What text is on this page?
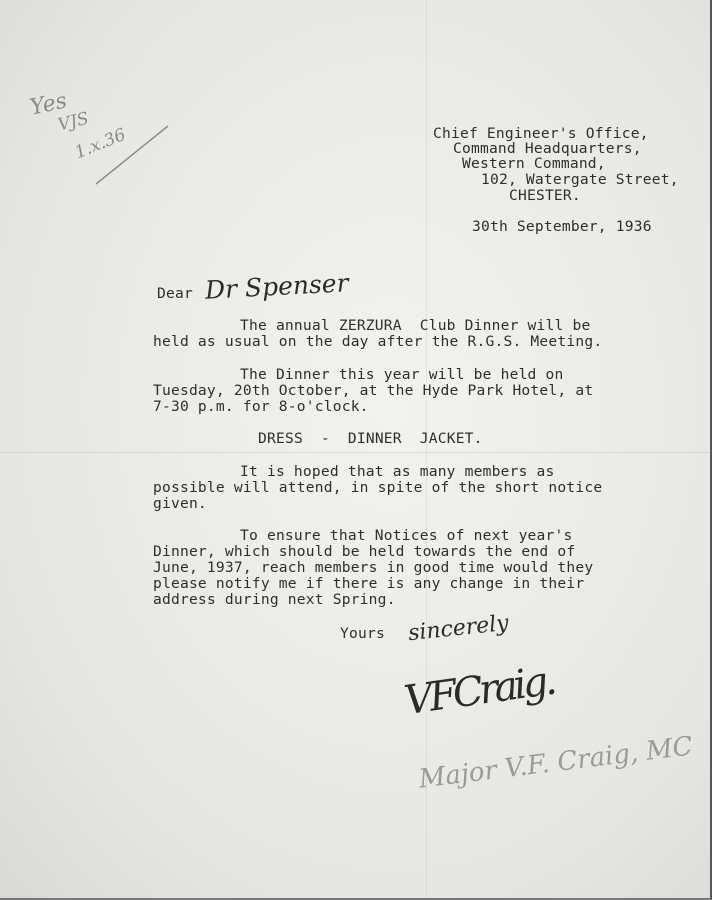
Yes
VJS
1.x.36	Chief Engineer's Office,
Command Headquarters,
Western Command,
102, Watergate Street,
CHESTER.
30th September, 1936
Dear Dr Spenser
The annual ZERZURA  Club Dinner will be
held as usual on the day after the R.G.S. Meeting.
The Dinner this year will be held on
Tuesday, 20th October, at the Hyde Park Hotel, at
7-30 p.m. for 8-o'clock.
DRESS  -  DINNER  JACKET.
It is hoped that as many members as
possible will attend, in spite of the short notice
given.
To ensure that Notices of next year's
Dinner, which should be held towards the end of
June, 1937, reach members in good time would they
please notify me if there is any change in their
address during next Spring.
Yours sincerely
VFCraig.
Major V.F. Craig, MC
